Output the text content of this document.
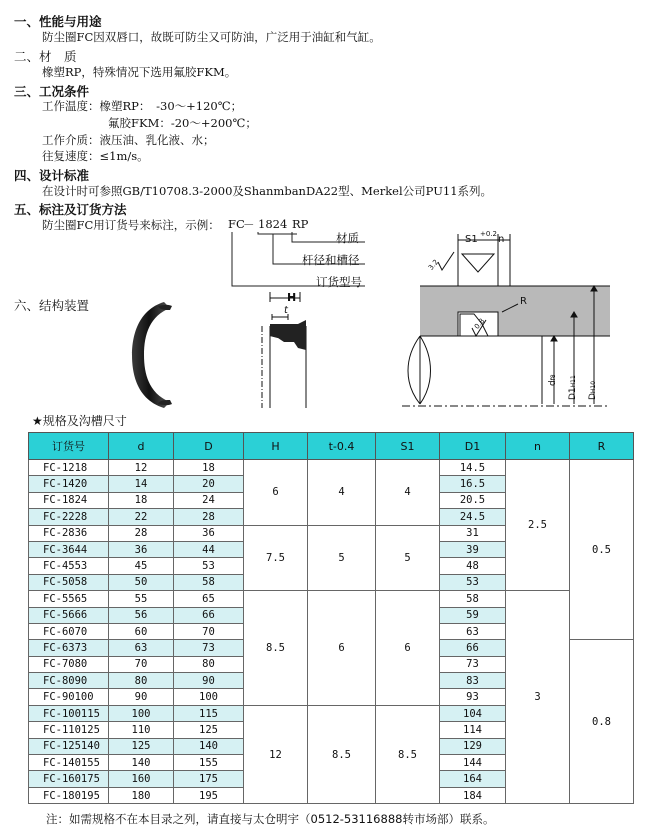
一、性能与用途
防尘圈FC因双唇口，故既可防尘又可防油，广泛用于油缸和气缸。
二、材　质
橡塑RP，特殊情况下选用氟胶FKM。
三、工况条件
工作温度：橡塑RP：　-30～+120℃；
氟胶FKM：-20～+200℃；
工作介质：液压油、乳化液、水；
往复速度：≤1m/s。
四、设计标准
在设计时可参照GB/T10708.3-2000及ShanmbanDA22型、Merkel公司PU11系列。
五、标注及订货方法
防尘圈FC用订货号来标注，示例： FC
－ 1824 RP
材质
杆径和槽径
订货型号
六、结构装置
H
t
S1 +0.2 n
R
3.2
0.8
df8
D1H11
DH10
★规格及沟槽尺寸
订货号	d	D	H	t-0.4	S1	D1	n	R
FC-1218	12	18	6	4	4	14.5	2.5	0.5
FC-1420	14	20				16.5		
FC-1824	18	24				20.5		
FC-2228	22	28				24.5		
FC-2836	28	36	7.5	5	5	31		
FC-3644	36	44				39		
FC-4553	45	53				48		
FC-5058	50	58				53		
FC-5565	55	65	8.5	6	6	58	3	
FC-5666	56	66				59		
FC-6070	60	70				63		
FC-6373	63	73				66		0.8
FC-7080	70	80				73		
FC-8090	80	90				83		
FC-90100	90	100				93		
FC-100115	100	115	12	8.5	8.5	104		
FC-110125	110	125				114		
FC-125140	125	140				129		
FC-140155	140	155				144		
FC-160175	160	175				164		
FC-180195	180	195				184		
注：如需规格不在本目录之列，请直接与太仓明宇（0512-53116888转市场部）联系。
